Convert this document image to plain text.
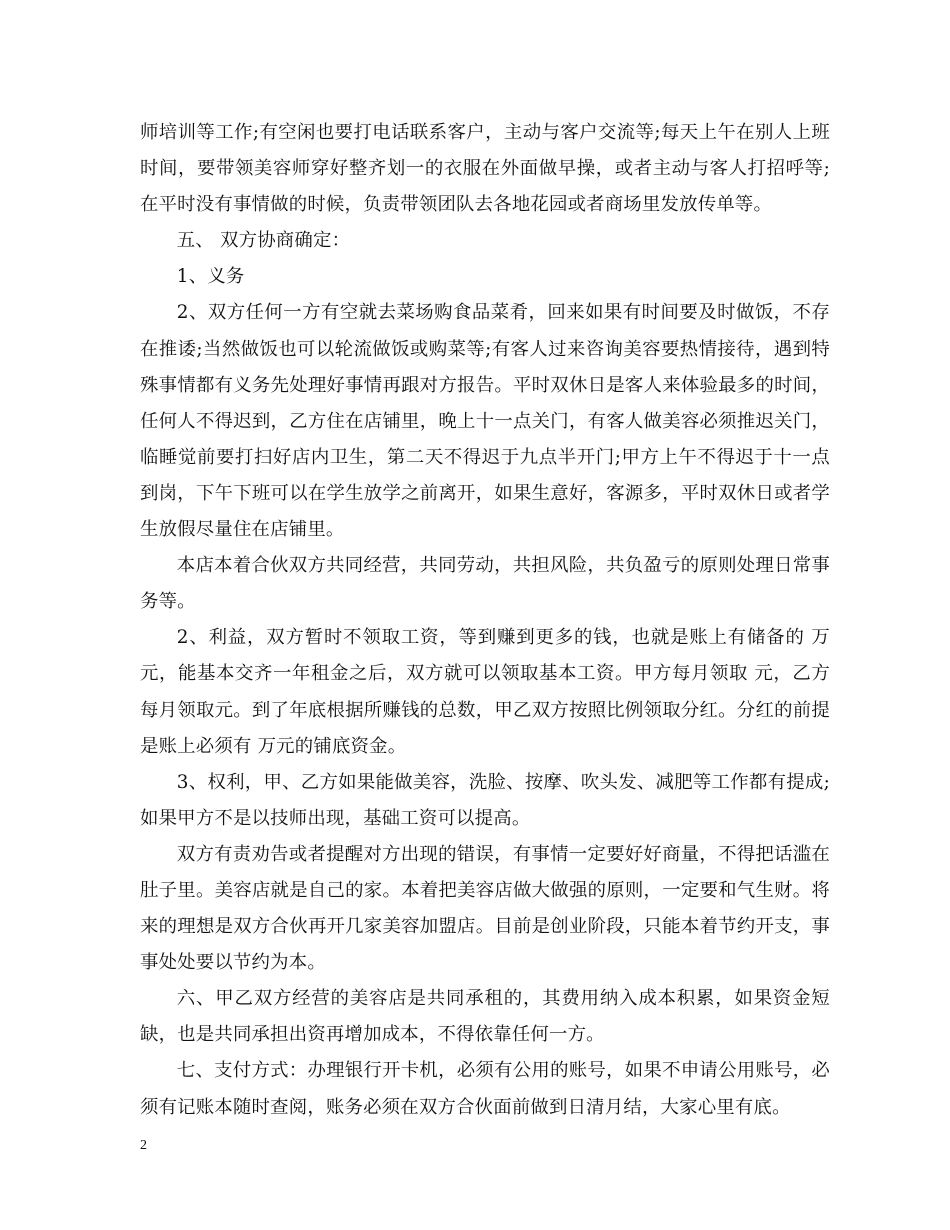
师培训等工作;有空闲也要打电话联系客户，主动与客户交流等;每天上午在别人上班时间，要带领美容师穿好整齐划一的衣服在外面做早操，或者主动与客人打招呼等;在平时没有事情做的时候，负责带领团队去各地花园或者商场里发放传单等。

五、 双方协商确定：

1、义务

2、双方任何一方有空就去菜场购食品菜肴，回来如果有时间要及时做饭，不存在推诿;当然做饭也可以轮流做饭或购菜等;有客人过来咨询美容要热情接待，遇到特殊事情都有义务先处理好事情再跟对方报告。平时双休日是客人来体验最多的时间，任何人不得迟到，乙方住在店铺里，晚上十一点关门，有客人做美容必须推迟关门，临睡觉前要打扫好店内卫生，第二天不得迟于九点半开门;甲方上午不得迟于十一点到岗，下午下班可以在学生放学之前离开，如果生意好，客源多，平时双休日或者学生放假尽量住在店铺里。

本店本着合伙双方共同经营，共同劳动，共担风险，共负盈亏的原则处理日常事务等。

2、利益，双方暂时不领取工资，等到赚到更多的钱，也就是账上有储备的 万元，能基本交齐一年租金之后，双方就可以领取基本工资。甲方每月领取 元，乙方每月领取元。到了年底根据所赚钱的总数，甲乙双方按照比例领取分红。分红的前提是账上必须有 万元的铺底资金。

3、权利，甲、乙方如果能做美容，洗脸、按摩、吹头发、减肥等工作都有提成;如果甲方不是以技师出现，基础工资可以提高。

双方有责劝告或者提醒对方出现的错误，有事情一定要好好商量，不得把话滥在肚子里。美容店就是自己的家。本着把美容店做大做强的原则，一定要和气生财。将来的理想是双方合伙再开几家美容加盟店。目前是创业阶段，只能本着节约开支，事事处处要以节约为本。

六、甲乙双方经营的美容店是共同承租的，其费用纳入成本积累，如果资金短缺，也是共同承担出资再增加成本，不得依靠任何一方。

七、支付方式：办理银行开卡机，必须有公用的账号，如果不申请公用账号，必须有记账本随时查阅，账务必须在双方合伙面前做到日清月结，大家心里有底。

2
